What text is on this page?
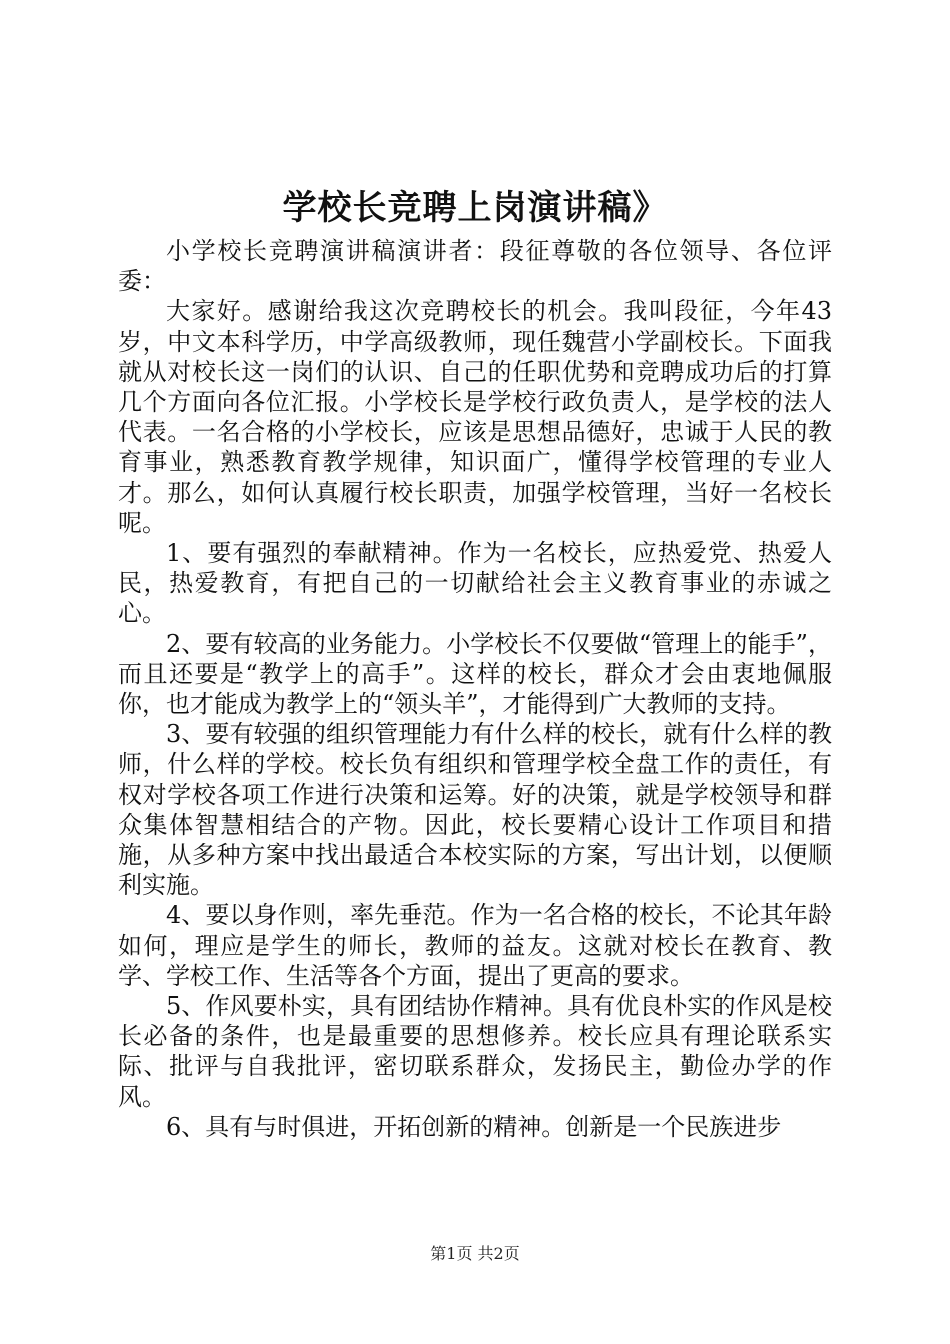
学校长竞聘上岗演讲稿》

小学校长竞聘演讲稿演讲者：段征尊敬的各位领导、各位评委：

大家好。感谢给我这次竞聘校长的机会。我叫段征，今年43岁，中文本科学历，中学高级教师，现任魏营小学副校长。下面我就从对校长这一岗们的认识、自己的任职优势和竞聘成功后的打算几个方面向各位汇报。小学校长是学校行政负责人，是学校的法人代表。一名合格的小学校长，应该是思想品德好，忠诚于人民的教育事业，熟悉教育教学规律，知识面广，懂得学校管理的专业人才。那么，如何认真履行校长职责，加强学校管理，当好一名校长呢。

1、要有强烈的奉献精神。作为一名校长，应热爱党、热爱人民，热爱教育，有把自己的一切献给社会主义教育事业的赤诚之心。

2、要有较高的业务能力。小学校长不仅要做“管理上的能手”，而且还要是“教学上的高手”。这样的校长，群众才会由衷地佩服你，也才能成为教学上的“领头羊”，才能得到广大教师的支持。

3、要有较强的组织管理能力有什么样的校长，就有什么样的教师，什么样的学校。校长负有组织和管理学校全盘工作的责任，有权对学校各项工作进行决策和运筹。好的决策，就是学校领导和群众集体智慧相结合的产物。因此，校长要精心设计工作项目和措施，从多种方案中找出最适合本校实际的方案，写出计划，以便顺利实施。

4、要以身作则，率先垂范。作为一名合格的校长，不论其年龄如何，理应是学生的师长，教师的益友。这就对校长在教育、教学、学校工作、生活等各个方面，提出了更高的要求。

5、作风要朴实，具有团结协作精神。具有优良朴实的作风是校长必备的条件，也是最重要的思想修养。校长应具有理论联系实际、批评与自我批评，密切联系群众，发扬民主，勤俭办学的作风。

6、具有与时俱进，开拓创新的精神。创新是一个民族进步

第1页 共2页
